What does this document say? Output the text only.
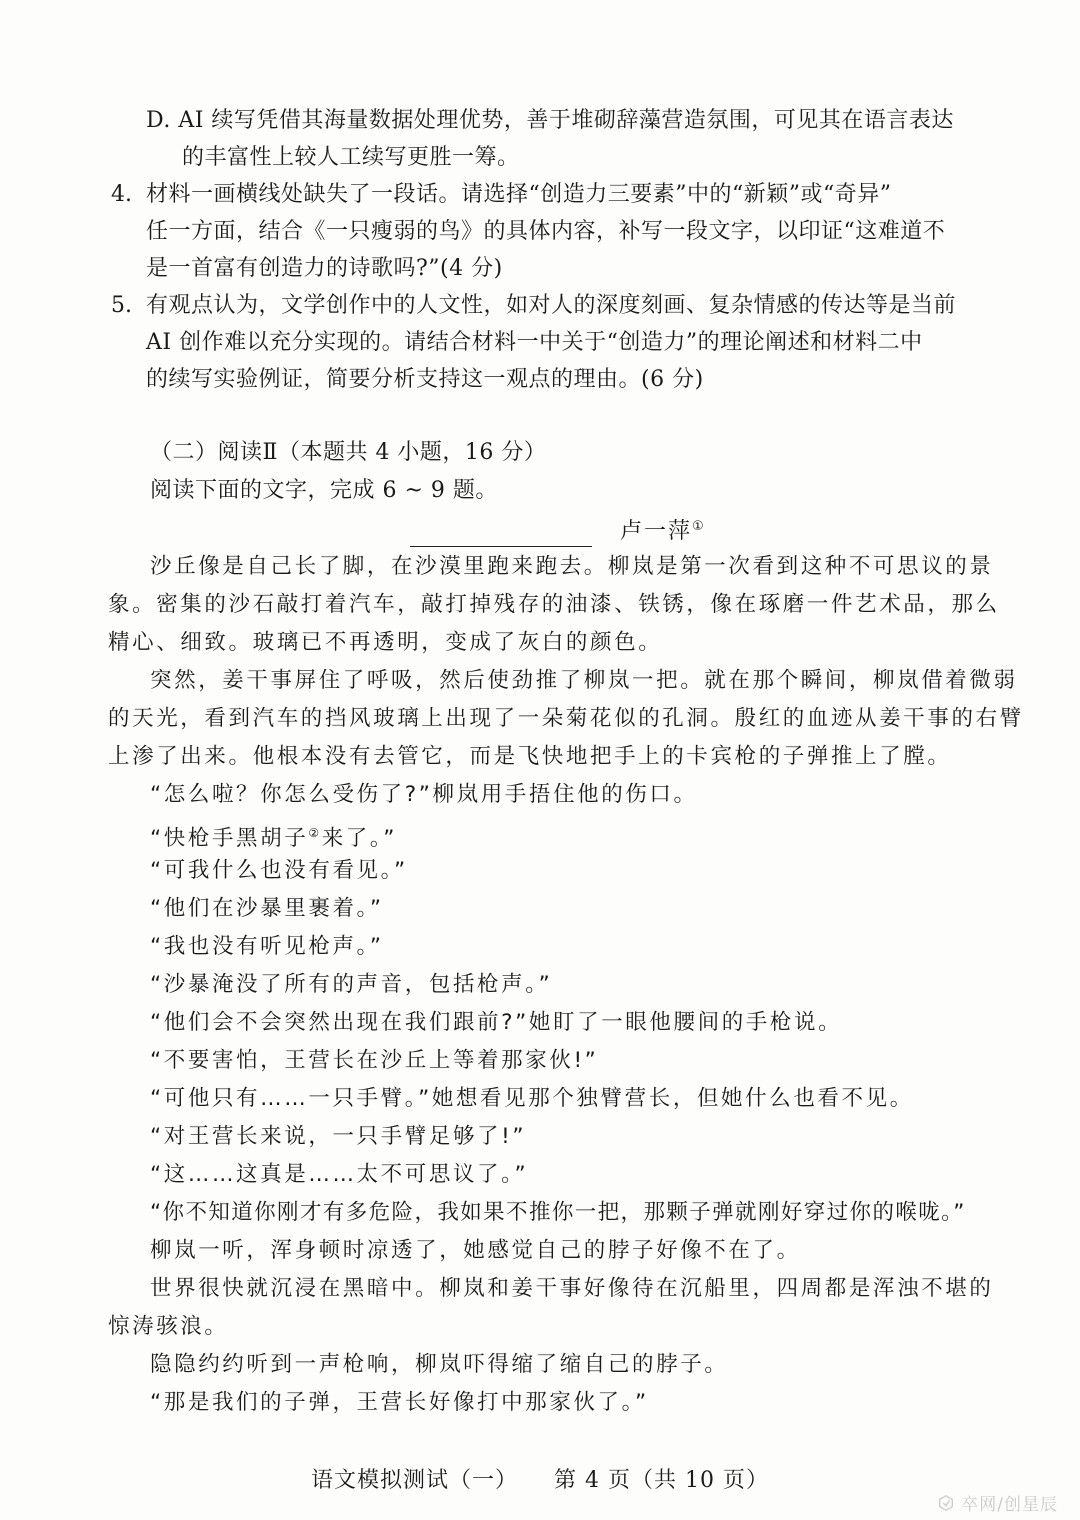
D. AI 续写凭借其海量数据处理优势，善于堆砌辞藻营造氛围，可见其在语言表达
的丰富性上较人工续写更胜一筹。
4. 材料一画横线处缺失了一段话。请选择“创造力三要素”中的“新颖”或“奇异”
任一方面，结合《一只瘦弱的鸟》的具体内容，补写一段文字，以印证“这难道不
是一首富有创造力的诗歌吗?”(4 分)
5. 有观点认为，文学创作中的人文性，如对人的深度刻画、复杂情感的传达等是当前
AI 创作难以充分实现的。请结合材料一中关于“创造力”的理论阐述和材料二中
的续写实验例证，简要分析支持这一观点的理由。(6 分)
（二）阅读Ⅱ（本题共 4 小题，16 分）
阅读下面的文字，完成 6 ~ 9 题。
卢一萍①
沙丘像是自己长了脚，在沙漠里跑来跑去。柳岚是第一次看到这种不可思议的景
象。密集的沙石敲打着汽车，敲打掉残存的油漆、铁锈，像在琢磨一件艺术品，那么
精心、细致。玻璃已不再透明，变成了灰白的颜色。
突然，姜干事屏住了呼吸，然后使劲推了柳岚一把。就在那个瞬间，柳岚借着微弱
的天光，看到汽车的挡风玻璃上出现了一朵菊花似的孔洞。殷红的血迹从姜干事的右臂
上渗了出来。他根本没有去管它，而是飞快地把手上的卡宾枪的子弹推上了膛。
“怎么啦？你怎么受伤了?”柳岚用手捂住他的伤口。
“快枪手黑胡子②来了。”
“可我什么也没有看见。”
“他们在沙暴里裹着。”
“我也没有听见枪声。”
“沙暴淹没了所有的声音，包括枪声。”
“他们会不会突然出现在我们跟前?”她盯了一眼他腰间的手枪说。
“不要害怕，王营长在沙丘上等着那家伙!”
“可他只有……一只手臂。”她想看见那个独臂营长，但她什么也看不见。
“对王营长来说，一只手臂足够了!”
“这……这真是……太不可思议了。”
“你不知道你刚才有多危险，我如果不推你一把，那颗子弹就刚好穿过你的喉咙。”
柳岚一听，浑身顿时凉透了，她感觉自己的脖子好像不在了。
世界很快就沉浸在黑暗中。柳岚和姜干事好像待在沉船里，四周都是浑浊不堪的
惊涛骇浪。
隐隐约约听到一声枪响，柳岚吓得缩了缩自己的脖子。
“那是我们的子弹，王营长好像打中那家伙了。”
语文模拟测试（一） 第 4 页（共 10 页）
卒网/创星辰
